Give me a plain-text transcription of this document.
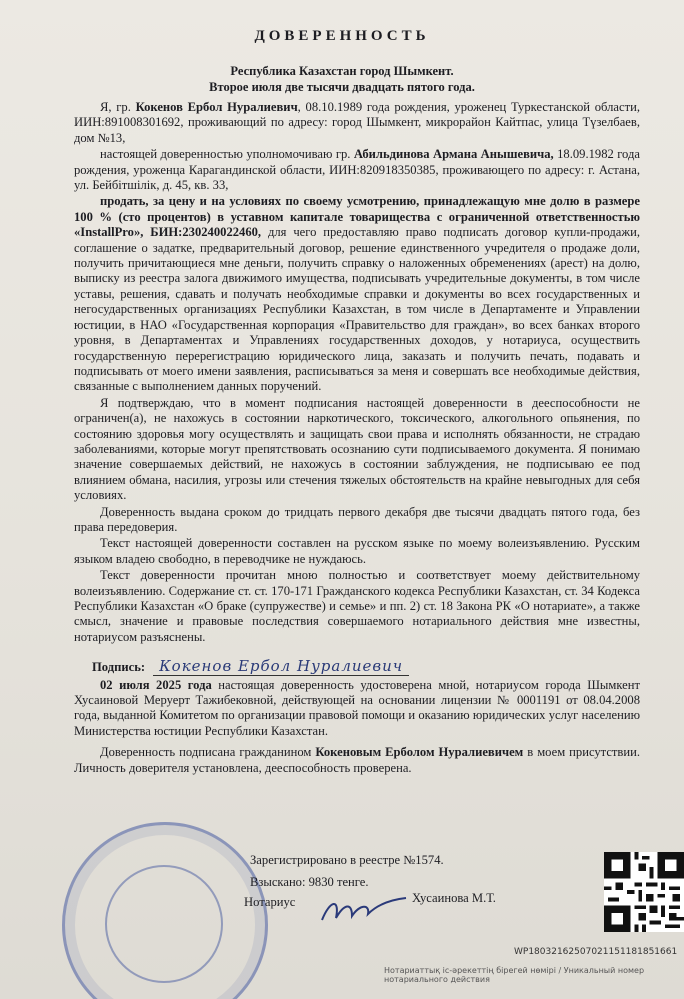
ДОВЕРЕННОСТЬ
Республика Казахстан город Шымкент.
Второе июля две тысячи двадцать пятого года.

Я, гр. Кокенов Ербол Нуралиевич, 08.10.1989 года рождения, уроженец Туркестанской области, ИИН:891008301692, проживающий по адресу: город Шымкент, микрорайон Кайтпас, улица Түзелбаев, дом №13,

настоящей доверенностью уполномочиваю гр. Абильдинова Армана Анышевича, 18.09.1982 года рождения, уроженца Карагандинской области, ИИН:820918350385, проживающего по адресу: г. Астана, ул. Бейбітшілік, д. 45, кв. 33,

продать, за цену и на условиях по своему усмотрению, принадлежащую мне долю в размере 100 % (сто процентов) в уставном капитале товарищества с ограниченной ответственностью «InstallPro», БИН:230240022460, для чего предоставляю право подписать договор купли-продажи, соглашение о задатке, предварительный договор, решение единственного учредителя о продаже доли, получить причитающиеся мне деньги, получить справку о наложенных обременениях (арест) на долю, выписку из реестра залога движимого имущества, подписывать учредительные документы, в том числе уставы, решения, сдавать и получать необходимые справки и документы во всех государственных и негосударственных организациях Республики Казахстан, в том числе в Департаменте и Управлении юстиции, в НАО «Государственная корпорация «Правительство для граждан», во всех банках второго уровня, в Департаментах и Управлениях государственных доходов, у нотариуса, осуществить государственную перерегистрацию юридического лица, заказать и получить печать, подавать и подписывать от моего имени заявления, расписываться за меня и совершать все необходимые действия, связанные с выполнением данных поручений.

Я подтверждаю, что в момент подписания настоящей доверенности в дееспособности не ограничен(а), не нахожусь в состоянии наркотического, токсического, алкогольного опьянения, по состоянию здоровья могу осуществлять и защищать свои права и исполнять обязанности, не страдаю заболеваниями, которые могут препятствовать осознанию сути подписываемого документа. Я понимаю значение совершаемых действий, не нахожусь в состоянии заблуждения, не подписываю ее под влиянием обмана, насилия, угрозы или стечения тяжелых обстоятельств на крайне невыгодных для себя условиях.

Доверенность выдана сроком до тридцать первого декабря две тысячи двадцать пятого года, без права передоверия.

Текст настоящей доверенности составлен на русском языке по моему волеизъявлению. Русским языком владею свободно, в переводчике не нуждаюсь.

Текст доверенности прочитан мною полностью и соответствует моему действительному волеизъявлению. Содержание ст. ст. 170-171 Гражданского кодекса Республики Казахстан, ст. 34 Кодекса Республики Казахстан «О браке (супружестве) и семье» и пп. 2) ст. 18 Закона РК «О нотариате», а также смысл, значение и правовые последствия совершаемого нотариального действия мне известны, нотариусом разъяснены.

Подпись: Кокенов Ербол Нуралиевич

02 июля 2025 года настоящая доверенность удостоверена мной, нотариусом города Шымкент Хусаиновой Меруерт Тажибековной, действующей на основании лицензии № 0001191 от 08.04.2008 года, выданной Комитетом по организации правовой помощи и оказанию юридических услуг населению Министерства юстиции Республики Казахстан.

Доверенность подписана гражданином Кокеновым Ерболом Нуралиевичем в моем присутствии. Личность доверителя установлена, дееспособность проверена.

Зарегистрировано в реестре №1574.
Взыскано: 9830 тенге.
Нотариус	Хусаинова М.Т.
WP18032162507021151181851661
Нотариаттық іс-әрекеттің бірегей нөмірі / Уникальный номер нотариального действия
